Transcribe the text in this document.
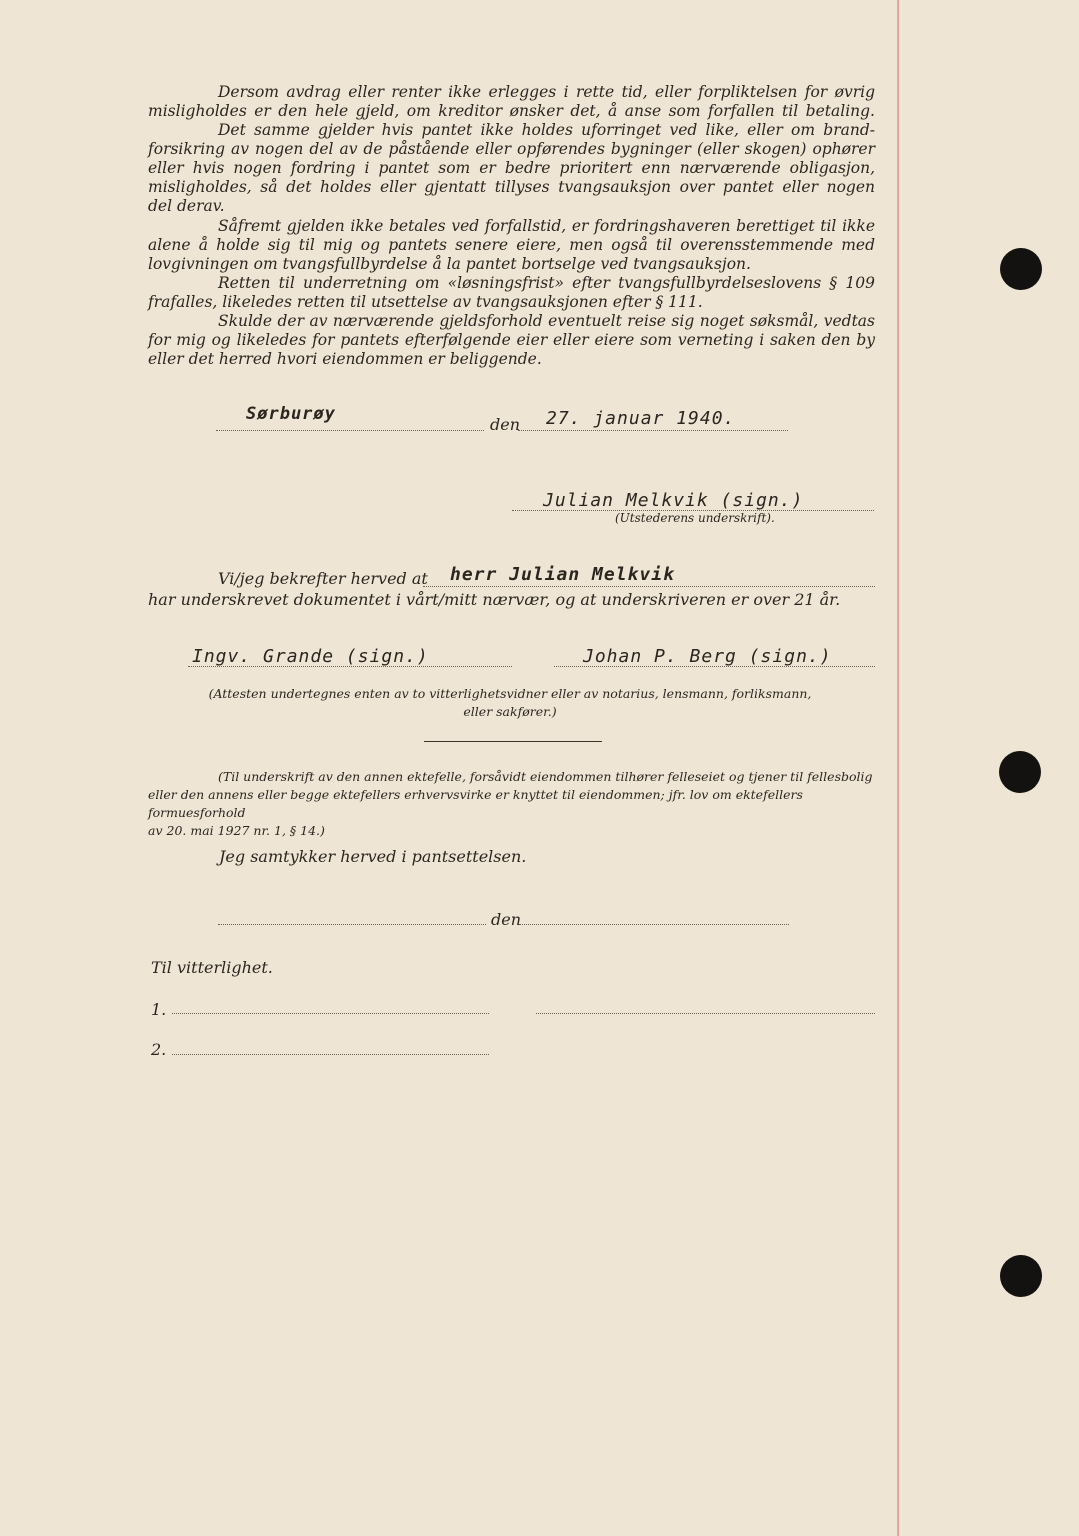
Dersom avdrag eller renter ikke erlegges i rette tid, eller forpliktelsen for øvrig
misligholdes er den hele gjeld, om kreditor ønsker det, å anse som forfallen til betaling.
Det samme gjelder hvis pantet ikke holdes uforringet ved like, eller om brand-
forsikring av nogen del av de påstående eller opførendes bygninger (eller skogen) ophører
eller hvis nogen fordring i pantet som er bedre prioritert enn nærværende obligasjon,
misligholdes, så det holdes eller gjentatt tillyses tvangsauksjon over pantet eller nogen
del derav.
Såfremt gjelden ikke betales ved forfallstid, er fordringshaveren berettiget til ikke
alene å holde sig til mig og pantets senere eiere, men også til overensstemmende med
lovgivningen om tvangsfullbyrdelse å la pantet bortselge ved tvangsauksjon.
Retten til underretning om «løsningsfrist» efter tvangsfullbyrdelseslovens § 109
frafalles, likeledes retten til utsettelse av tvangsauksjonen efter § 111.
Skulde der av nærværende gjeldsforhold eventuelt reise sig noget søksmål, vedtas
for mig og likeledes for pantets efterfølgende eier eller eiere som verneting i saken den by
eller det herred hvori eiendommen er beliggende.
Sørburøy
den 27. januar 1940.
Julian Melkvik (sign.)
(Utstederens underskrift).
Vi/jeg bekrefter herved at herr Julian Melkvik
har underskrevet dokumentet i vårt/mitt nærvær, og at underskriveren er over 21 år.
Ingv. Grande (sign.)	Johan P. Berg (sign.)
(Attesten undertegnes enten av to vitterlighetsvidner eller av notarius, lensmann, forliksmann,
eller sakfører.)
(Til underskrift av den annen ektefelle, forsåvidt eiendommen tilhører felleseiet og tjener til fellesbolig
eller den annens eller begge ektefellers erhvervsvirke er knyttet til eiendommen; jfr. lov om ektefellers formuesforhold
av 20. mai 1927 nr. 1, § 14.)
Jeg samtykker herved i pantsettelsen.
den
Til vitterlighet.
1.
2.
